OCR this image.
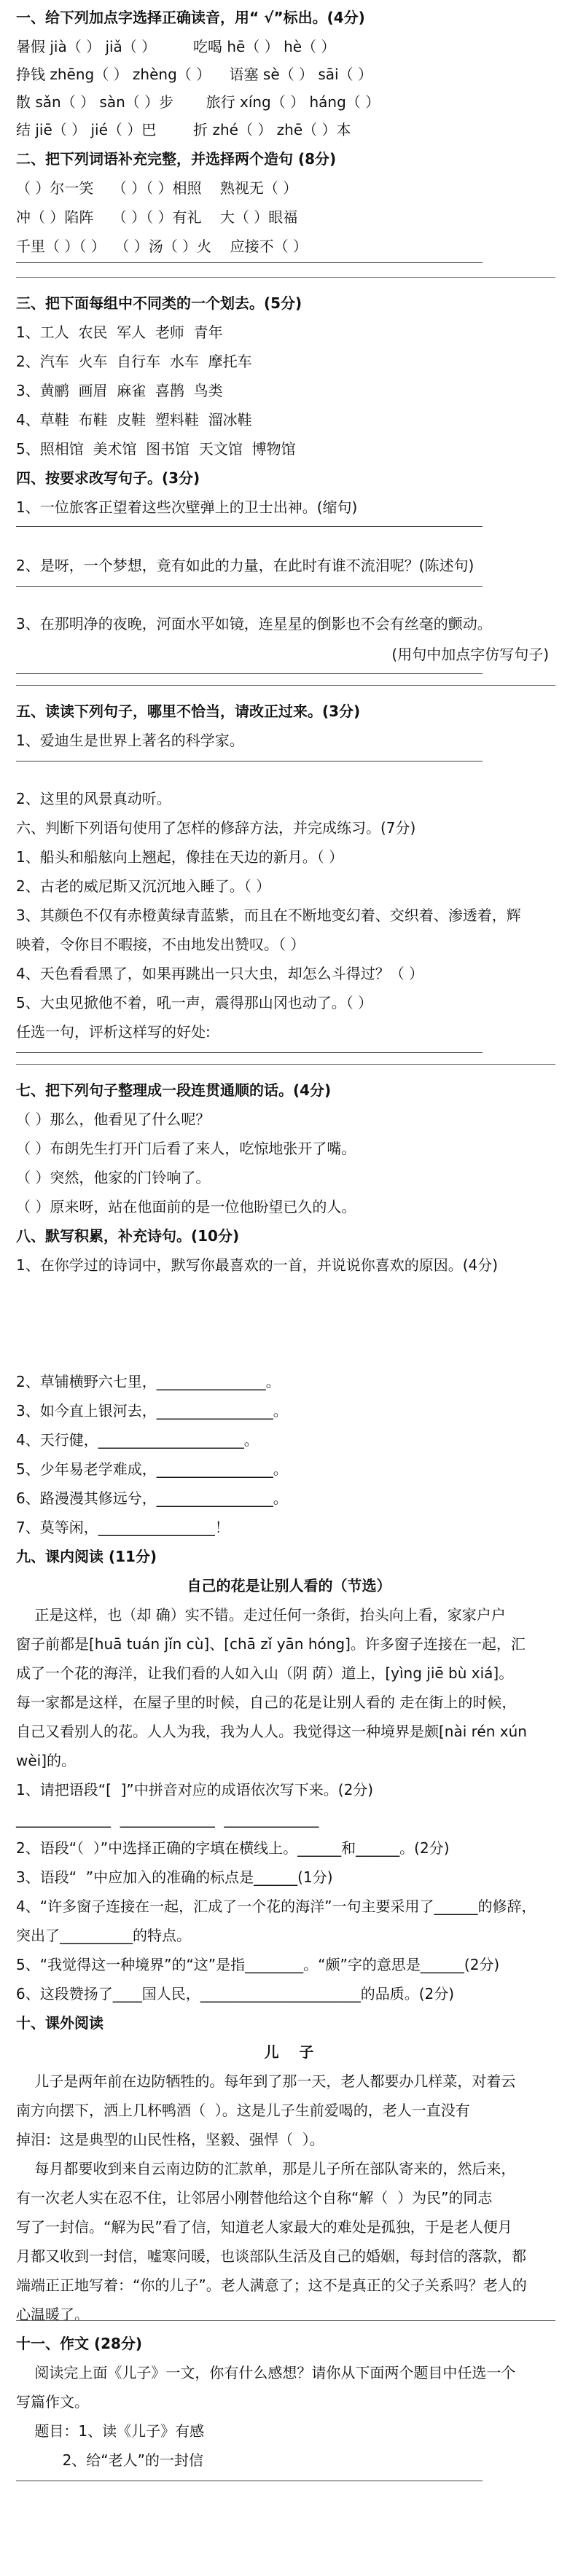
一、给下列加点字选择正确读音，用“ √”标出。(4分)
暑假 jià（ ） jiǎ（ ）        吃喝 hē（ ） hè（ ）
挣钱 zhēng（ ） zhèng（ ）    语塞 sè（ ） sāi（ ）
散 sǎn（ ） sàn（ ）步       旅行 xíng（ ） háng（ ）
结 jiē（ ） jié（ ）巴        折 zhé（ ） zhē（ ）本
二、把下列词语补充完整，并选择两个造句 (8分)
（ ）尔一笑    （ ）（ ）相照    熟视无（ ）
冲（ ）陷阵    （ ）（ ）有礼    大（ ）眼福
千里（ ）（ ）  （ ）汤（ ）火    应接不（ ）
三、把下面每组中不同类的一个划去。(5分)
1、工人  农民  军人  老师  青年
2、汽车  火车  自行车  水车  摩托车
3、黄鹂  画眉  麻雀  喜鹊  鸟类
4、草鞋  布鞋  皮鞋  塑料鞋  溜冰鞋
5、照相馆  美术馆  图书馆  天文馆  博物馆
四、按要求改写句子。(3分)
1、一位旅客正望着这些次壁弹上的卫士出神。(缩句)
2、是呀，一个梦想，竟有如此的力量，在此时有谁不流泪呢？(陈述句)
3、在那明净的夜晚，河面水平如镜，连星星的倒影也不会有丝毫的颤动。
(用句中加点字仿写句子)
五、读读下列句子，哪里不恰当，请改正过来。(3分)
1、爱迪生是世界上著名的科学家。
2、这里的风景真动听。
六、判断下列语句使用了怎样的修辞方法，并完成练习。(7分)
1、船头和船舷向上翘起，像挂在天边的新月。（ ）
2、古老的威尼斯又沉沉地入睡了。（ ）
3、其颜色不仅有赤橙黄绿青蓝紫，而且在不断地变幻着、交织着、渗透着，辉
映着，令你目不暇接，不由地发出赞叹。（ ）
4、天色看看黑了，如果再跳出一只大虫，却怎么斗得过？（ ）
5、大虫见掀他不着，吼一声，震得那山冈也动了。（ ）
任选一句，评析这样写的好处:
七、把下列句子整理成一段连贯通顺的话。(4分)
（ ）那么，他看见了什么呢？
（ ）布朗先生打开门后看了来人，吃惊地张开了嘴。
（ ）突然，他家的门铃响了。
（ ）原来呀，站在他面前的是一位他盼望已久的人。
八、默写积累，补充诗句。(10分)
1、在你学过的诗词中，默写你最喜欢的一首，并说说你喜欢的原因。(4分)
2、草铺横野六七里，_______________。
3、如今直上银河去，________________。
4、天行健，____________________。
5、少年易老学难成，________________。
6、路漫漫其修远兮，________________。
7、莫等闲，________________！
九、课内阅读 (11分)
自己的花是让别人看的（节选）
正是这样，也（却 确）实不错。走过任何一条街，抬头向上看，家家户户
窗子前都是[huā tuán jǐn cù]、[chā zǐ yān hóng]。许多窗子连接在一起，汇
成了一个花的海洋，让我们看的人如入山（阴 荫）道上，[yìng jiē bù xiá]。
每一家都是这样，在屋子里的时候，自己的花是让别人看的 走在街上的时候，
自己又看别人的花。人人为我，我为人人。我觉得这一种境界是颇[nài rén xún
wèi]的。
1、请把语段“[  ]”中拼音对应的成语依次写下来。(2分)
_____________  _____________  _____________
2、语段“（  ）”中选择正确的字填在横线上。______和______。(2分)
3、语段“  ”中应加入的准确的标点是______(1分)
4、“许多窗子连接在一起，汇成了一个花的海洋”一句主要采用了______的修辞，
突出了__________的特点。
5、“我觉得这一种境界”的“这”是指________。“颇”字的意思是______(2分)
6、这段赞扬了____国人民，______________________的品质。(2分)
十、课外阅读
儿    子
儿子是两年前在边防牺牲的。每年到了那一天，老人都要办几样菜，对着云
南方向摆下，洒上几杯鸭酒（  ）。这是儿子生前爱喝的，老人一直没有
掉泪：这是典型的山民性格，坚毅、强悍（  ）。
每月都要收到来自云南边防的汇款单，那是儿子所在部队寄来的，然后来，
有一次老人实在忍不住，让邻居小刚替他给这个自称“解（  ）为民”的同志
写了一封信。“解为民”看了信，知道老人家最大的难处是孤独，于是老人便月
月都又收到一封信，嘘寒问暖，也谈部队生活及自己的婚姻，每封信的落款，都
端端正正地写着：“你的儿子”。老人满意了；这不是真正的父子关系吗？老人的
心温暖了。
十一、作文 (28分)
阅读完上面《儿子》一文，你有什么感想？请你从下面两个题目中任选一个
写篇作文。
题目：1、读《儿子》有感
2、给“老人”的一封信
